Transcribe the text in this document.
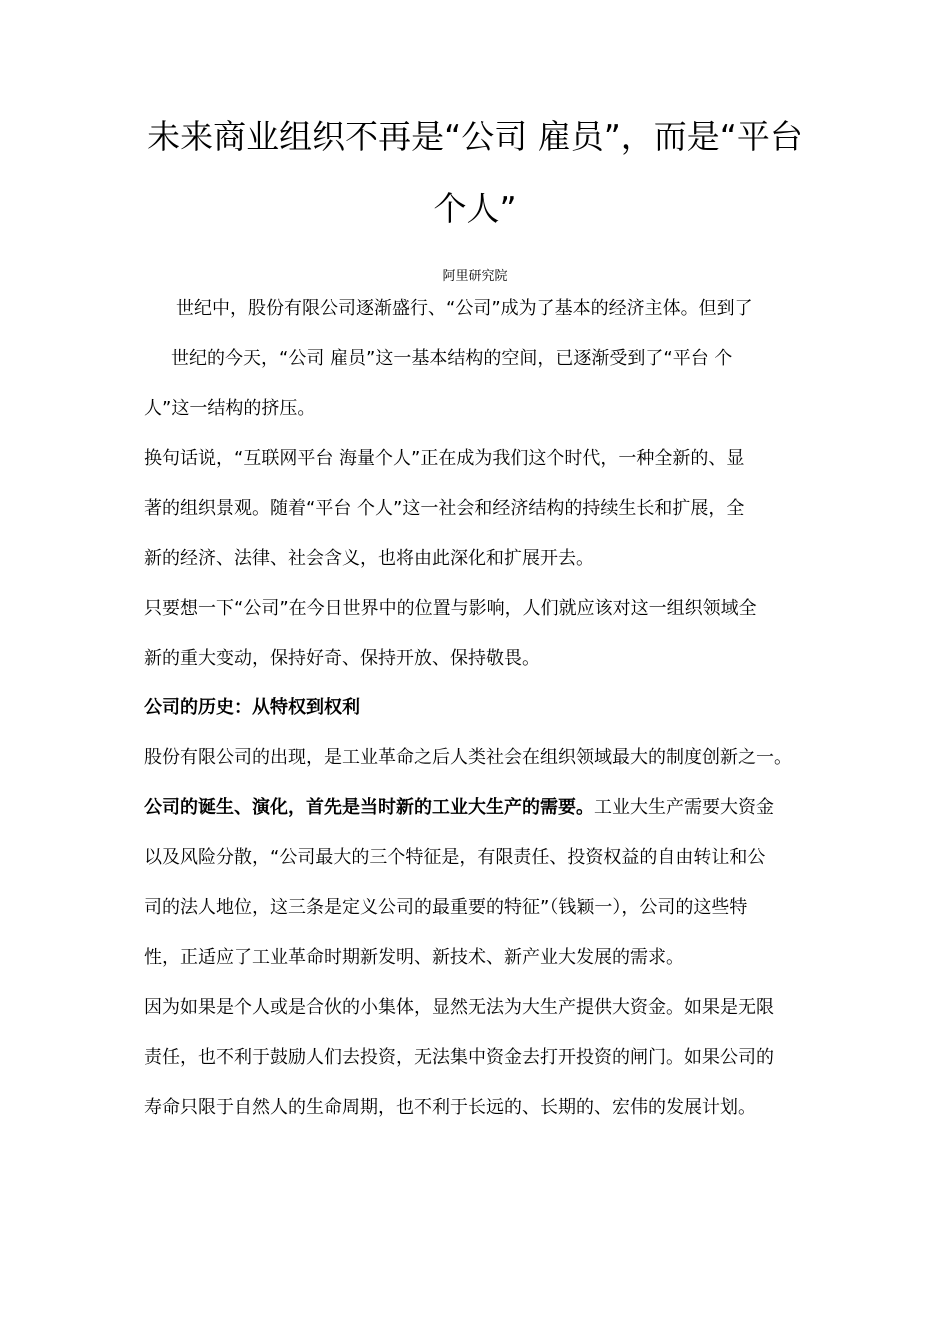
未来商业组织不再是“公司 雇员”，而是“平台
个人”
阿里研究院
世纪中，股份有限公司逐渐盛行、“公司”成为了基本的经济主体。但到了
世纪的今天，“公司 雇员”这一基本结构的空间，已逐渐受到了“平台 个
人”这一结构的挤压。
换句话说，“互联网平台 海量个人”正在成为我们这个时代，一种全新的、显
著的组织景观。随着“平台 个人”这一社会和经济结构的持续生长和扩展，全
新的经济、法律、社会含义，也将由此深化和扩展开去。
只要想一下“公司”在今日世界中的位置与影响，人们就应该对这一组织领域全
新的重大变动，保持好奇、保持开放、保持敬畏。
公司的历史：从特权到权利
股份有限公司的出现，是工业革命之后人类社会在组织领域最大的制度创新之一。
公司的诞生、演化，首先是当时新的工业大生产的需要。工业大生产需要大资金
以及风险分散，“公司最大的三个特征是，有限责任、投资权益的自由转让和公
司的法人地位，这三条是定义公司的最重要的特征”（钱颖一），公司的这些特
性，正适应了工业革命时期新发明、新技术、新产业大发展的需求。
因为如果是个人或是合伙的小集体，显然无法为大生产提供大资金。如果是无限
责任，也不利于鼓励人们去投资，无法集中资金去打开投资的闸门。如果公司的
寿命只限于自然人的生命周期，也不利于长远的、长期的、宏伟的发展计划。
